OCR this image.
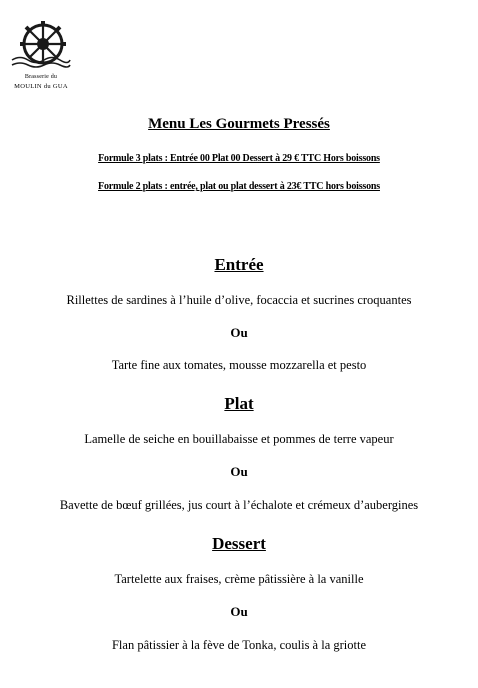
Brasserie du
MOULIN du GUA
Menu Les Gourmets Pressés
Formule 3 plats : Entrée 00 Plat 00 Dessert à 29 € TTC Hors boissons
Formule 2 plats : entrée, plat ou plat dessert à 23€ TTC hors boissons
Entrée
Rillettes de sardines à l’huile d’olive, focaccia et sucrines croquantes
Ou
Tarte fine aux tomates, mousse mozzarella et pesto
Plat
Lamelle de seiche en bouillabaisse et pommes de terre vapeur
Ou
Bavette de bœuf grillées, jus court à l’échalote et crémeux d’aubergines
Dessert
Tartelette aux fraises, crème pâtissière à la vanille
Ou
Flan pâtissier à la fève de Tonka, coulis à la griotte
